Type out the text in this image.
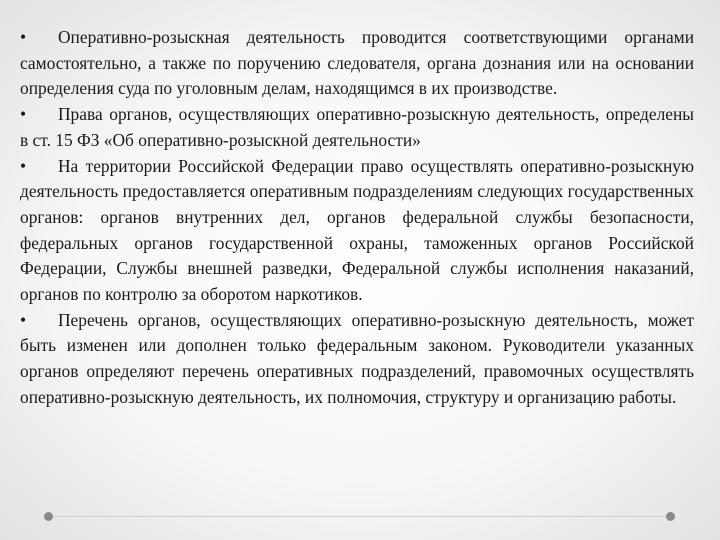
• Оперативно-розыскная деятельность проводится соответствующими органами самостоятельно, а также по поручению следователя, органа дознания или на основании определения суда по уголовным делам, находящимся в их производстве.

• Права органов, осуществляющих оперативно-розыскную деятельность, определены в ст. 15 ФЗ «Об оперативно-розыскной деятельности»

• На территории Российской Федерации право осуществлять оперативно-розыскную деятельность предоставляется оперативным подразделениям следующих государственных органов: органов внутренних дел, органов федеральной службы безопасности, федеральных органов государственной охраны, таможенных органов Российской Федерации, Службы внешней разведки, Федеральной службы исполнения наказаний, органов по контролю за оборотом наркотиков.

• Перечень органов, осуществляющих оперативно-розыскную деятельность, может быть изменен или дополнен только федеральным законом. Руководители указанных органов определяют перечень оперативных подразделений, правомочных осуществлять оперативно-розыскную деятельность, их полномочия, структуру и организацию работы.
